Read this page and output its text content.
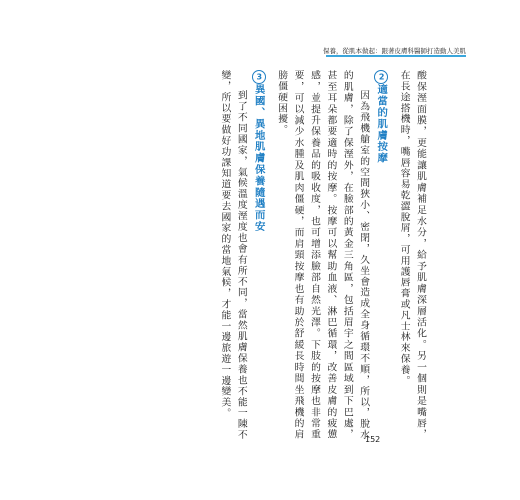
保養，從肌本做起：跟著皮膚科醫師打造動人美肌

酸保溼面膜，更能讓肌膚補足水分，給予肌膚深層活化。另一個則是嘴唇，在長途搭機時，嘴唇容易乾澀脫屑，可用護唇膏或凡士林來保養。

2適當的肌膚按摩

因為飛機艙室的空間狹小、密閉，久坐會造成全身循環不順，所以，脫水的肌膚，除了保溼外，在臉部的黃金三角區，包括眉宇之間區域到下巴處，甚至耳朵都要適時的按摩。按摩可以幫助血液、淋巴循環，改善皮膚的疲憊感，並提升保養品的吸收度，也可增添臉部自然光澤。下肢的按摩也非常重要，可以減少水腫及肌肉僵硬，而肩頸按摩也有助於舒緩長時間坐飛機的肩膀僵硬困擾。

3異國、異地肌膚保養隨遇而安

到了不同國家，氣候溫度溼度也會有所不同，當然肌膚保養也不能一陳不變，所以要做好功課知道要去國家的當地氣候，才能一邊旅遊一邊變美。

152
